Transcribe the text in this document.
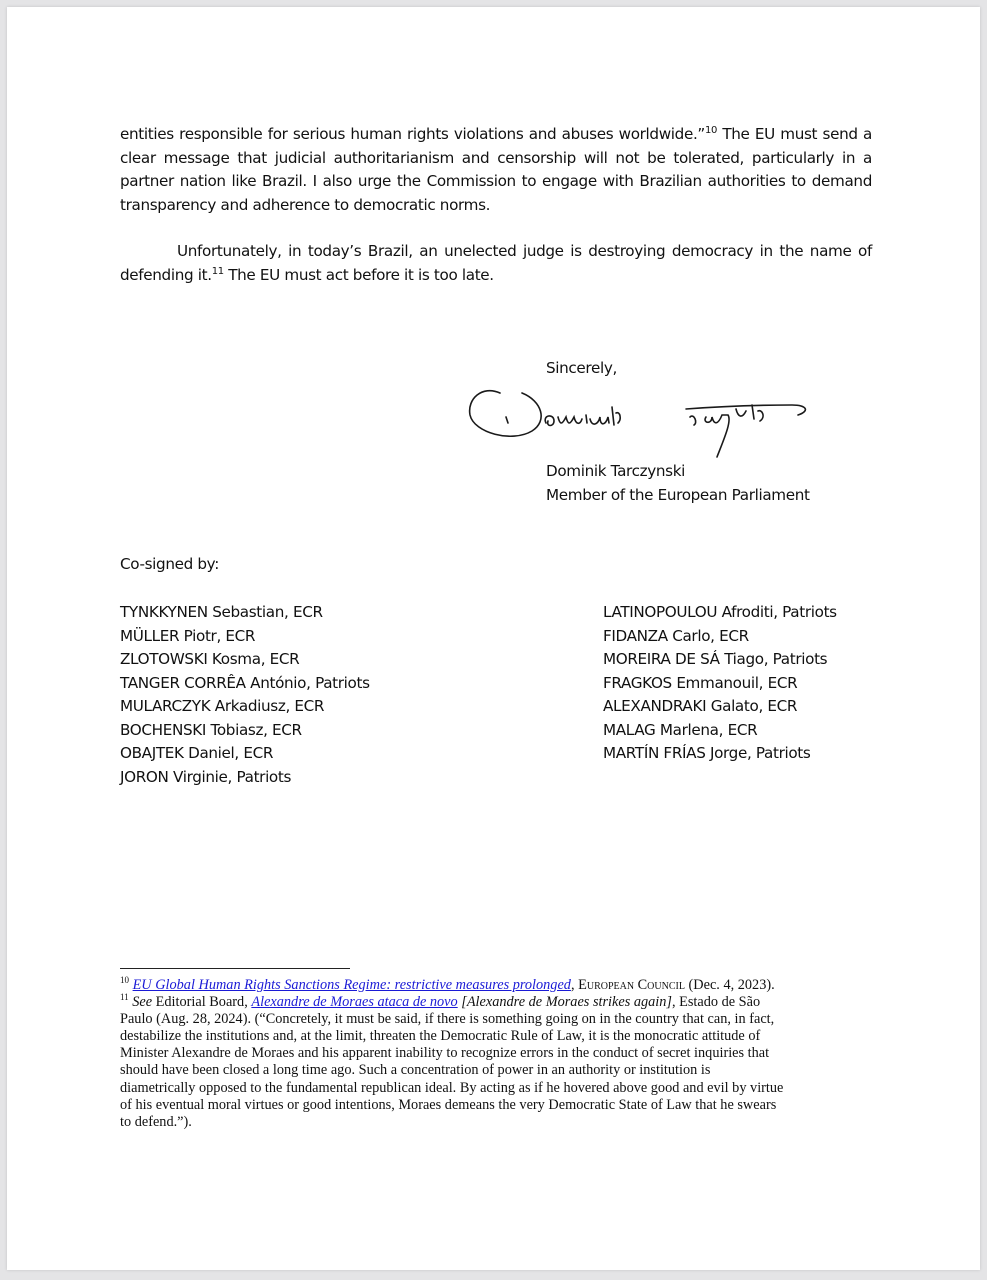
entities responsible for serious human rights violations and abuses worldwide.”$^{10}$ The EU must send a clear message that judicial authoritarianism and censorship will not be tolerated, particularly in a partner nation like Brazil. I also urge the Commission to engage with Brazilian authorities to demand transparency and adherence to democratic norms.
Unfortunately, in today’s Brazil, an unelected judge is destroying democracy in the name of defending it.$^{11}$ The EU must act before it is too late.
Sincerely,
Dominik Tarczynski
Member of the European Parliament
Co-signed by:
TYNKKYNEN Sebastian, ECR
MÜLLER Piotr, ECR
ZLOTOWSKI Kosma, ECR
TANGER CORRÊA António, Patriots
MULARCZYK Arkadiusz, ECR
BOCHENSKI Tobiasz, ECR
OBAJTEK Daniel, ECR
JORON Virginie, Patriots
LATINOPOULOU Afroditi, Patriots
FIDANZA Carlo, ECR
MOREIRA DE SÁ Tiago, Patriots
FRAGKOS Emmanouil, ECR
ALEXANDRAKI Galato, ECR
MALAG Marlena, ECR
MARTÍN FRÍAS Jorge, Patriots
$^{10}$ EU Global Human Rights Sanctions Regime: restrictive measures prolonged, European Council (Dec. 4, 2023).
$^{11}$ See Editorial Board, Alexandre de Moraes ataca de novo [Alexandre de Moraes strikes again], Estado de São
Paulo (Aug. 28, 2024). (“Concretely, it must be said, if there is something going on in the country that can, in fact,
destabilize the institutions and, at the limit, threaten the Democratic Rule of Law, it is the monocratic attitude of
Minister Alexandre de Moraes and his apparent inability to recognize errors in the conduct of secret inquiries that
should have been closed a long time ago. Such a concentration of power in an authority or institution is
diametrically opposed to the fundamental republican ideal. By acting as if he hovered above good and evil by virtue
of his eventual moral virtues or good intentions, Moraes demeans the very Democratic State of Law that he swears
to defend.”).
